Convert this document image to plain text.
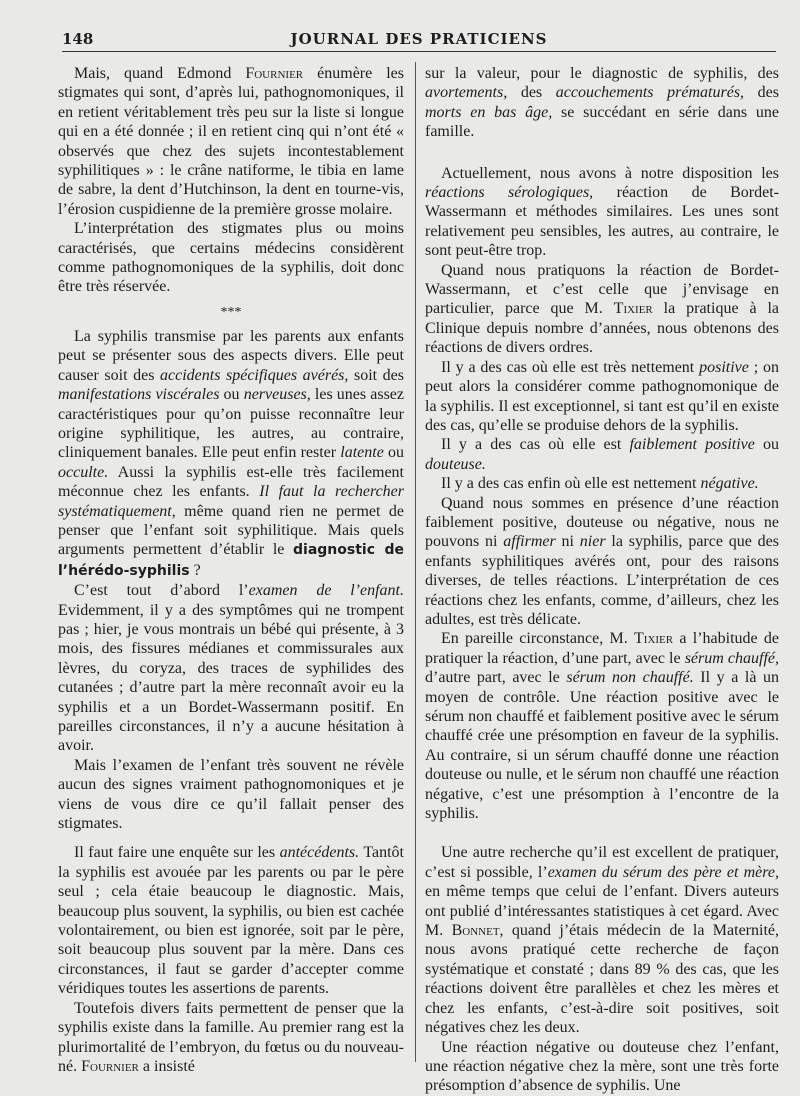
148	JOURNAL DES PRATICIENS

Mais, quand Edmond Fournier énumère les stigmates qui sont, d’après lui, pathognomoniques, il en retient véritablement très peu sur la liste si longue qui en a été donnée ; il en retient cinq qui n’ont été « observés que chez des sujets incontestablement syphilitiques » : le crâne natiforme, le tibia en lame de sabre, la dent d’Hutchinson, la dent en tourne-vis, l’érosion cuspidienne de la première grosse molaire.

L’interprétation des stigmates plus ou moins caractérisés, que certains médecins considèrent comme pathognomoniques de la syphilis, doit donc être très réservée.

***

La syphilis transmise par les parents aux enfants peut se présenter sous des aspects divers. Elle peut causer soit des accidents spécifiques avérés, soit des manifestations viscérales ou nerveuses, les unes assez caractéristiques pour qu’on puisse reconnaître leur origine syphilitique, les autres, au contraire, cliniquement banales. Elle peut enfin rester latente ou occulte. Aussi la syphilis est-elle très facilement méconnue chez les enfants. Il faut la rechercher systématiquement, même quand rien ne permet de penser que l’enfant soit syphilitique. Mais quels arguments permettent d’établir le diagnostic de l’hérédo-syphilis ?

C’est tout d’abord l’examen de l’enfant. Evidemment, il y a des symptômes qui ne trompent pas ; hier, je vous montrais un bébé qui présente, à 3 mois, des fissures médianes et commissurales aux lèvres, du coryza, des traces de syphilides des cutanées ; d’autre part la mère reconnaît avoir eu la syphilis et a un Bordet-Wassermann positif. En pareilles circonstances, il n’y a aucune hésitation à avoir.

Mais l’examen de l’enfant très souvent ne révèle aucun des signes vraiment pathognomoniques et je viens de vous dire ce qu’il fallait penser des stigmates.

Il faut faire une enquête sur les antécédents. Tantôt la syphilis est avouée par les parents ou par le père seul ; cela étaie beaucoup le diagnostic. Mais, beaucoup plus souvent, la syphilis, ou bien est cachée volontairement, ou bien est ignorée, soit par le père, soit beaucoup plus souvent par la mère. Dans ces circonstances, il faut se garder d’accepter comme véridiques toutes les assertions de parents.

Toutefois divers faits permettent de penser que la syphilis existe dans la famille. Au premier rang est la plurimortalité de l’embryon, du fœtus ou du nouveau-né. Fournier a insisté

sur la valeur, pour le diagnostic de syphilis, des avortements, des accouchements prématurés, des morts en bas âge, se succédant en série dans une famille.

Actuellement, nous avons à notre disposition les réactions sérologiques, réaction de Bordet-Wassermann et méthodes similaires. Les unes sont relativement peu sensibles, les autres, au contraire, le sont peut-être trop.

Quand nous pratiquons la réaction de Bordet-Wassermann, et c’est celle que j’envisage en particulier, parce que M. Tixier la pratique à la Clinique depuis nombre d’années, nous obtenons des réactions de divers ordres.

Il y a des cas où elle est très nettement positive ; on peut alors la considérer comme pathognomonique de la syphilis. Il est exceptionnel, si tant est qu’il en existe des cas, qu’elle se produise dehors de la syphilis.

Il y a des cas où elle est faiblement positive ou douteuse.

Il y a des cas enfin où elle est nettement négative.

Quand nous sommes en présence d’une réaction faiblement positive, douteuse ou négative, nous ne pouvons ni affirmer ni nier la syphilis, parce que des enfants syphilitiques avérés ont, pour des raisons diverses, de telles réactions. L’interprétation de ces réactions chez les enfants, comme, d’ailleurs, chez les adultes, est très délicate.

En pareille circonstance, M. Tixier a l’habitude de pratiquer la réaction, d’une part, avec le sérum chauffé, d’autre part, avec le sérum non chauffé. Il y a là un moyen de contrôle. Une réaction positive avec le sérum non chauffé et faiblement positive avec le sérum chauffé crée une présomption en faveur de la syphilis. Au contraire, si un sérum chauffé donne une réaction douteuse ou nulle, et le sérum non chauffé une réaction négative, c’est une présomption à l’encontre de la syphilis.

Une autre recherche qu’il est excellent de pratiquer, c’est si possible, l’examen du sérum des père et mère, en même temps que celui de l’enfant. Divers auteurs ont publié d’intéressantes statistiques à cet égard. Avec M. Bonnet, quand j’étais médecin de la Maternité, nous avons pratiqué cette recherche de façon systématique et constaté ; dans 89 % des cas, que les réactions doivent être parallèles et chez les mères et chez les enfants, c’est-à-dire soit positives, soit négatives chez les deux.

Une réaction négative ou douteuse chez l’enfant, une réaction négative chez la mère, sont une très forte présomption d’absence de syphilis. Une
